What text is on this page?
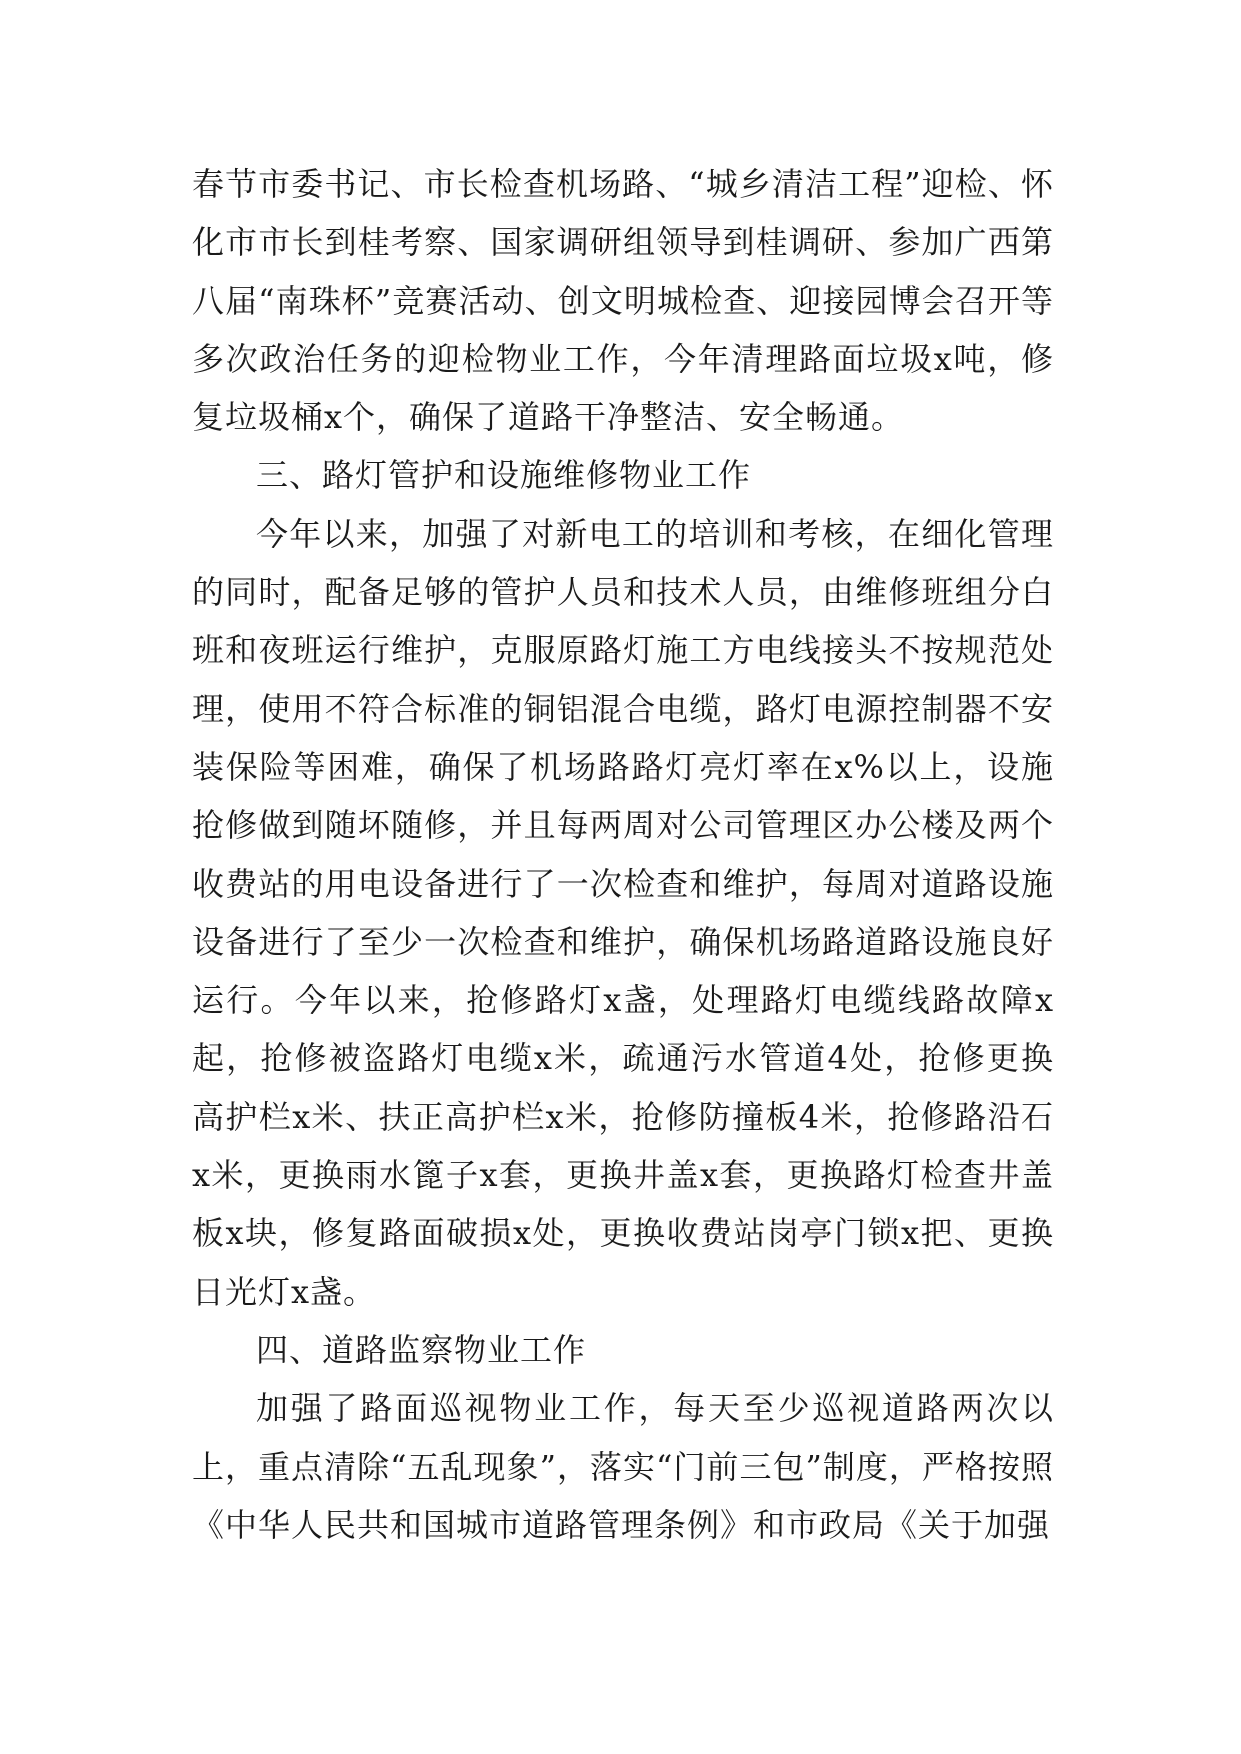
春节市委书记、市长检查机场路、“城乡清洁工程”迎检、怀化市市长到桂考察、国家调研组领导到桂调研、参加广西第八届“南珠杯”竞赛活动、创文明城检查、迎接园博会召开等多次政治任务的迎检物业工作，今年清理路面垃圾x吨，修复垃圾桶x个，确保了道路干净整洁、安全畅通。

三、路灯管护和设施维修物业工作

今年以来，加强了对新电工的培训和考核，在细化管理的同时，配备足够的管护人员和技术人员，由维修班组分白班和夜班运行维护，克服原路灯施工方电线接头不按规范处理，使用不符合标准的铜铝混合电缆，路灯电源控制器不安装保险等困难，确保了机场路路灯亮灯率在x%以上，设施抢修做到随坏随修，并且每两周对公司管理区办公楼及两个收费站的用电设备进行了一次检查和维护，每周对道路设施设备进行了至少一次检查和维护，确保机场路道路设施良好运行。今年以来，抢修路灯x盏，处理路灯电缆线路故障x起，抢修被盗路灯电缆x米，疏通污水管道4处，抢修更换高护栏x米、扶正高护栏x米，抢修防撞板4米，抢修路沿石x米，更换雨水篦子x套，更换井盖x套，更换路灯检查井盖板x块，修复路面破损x处，更换收费站岗亭门锁x把、更换日光灯x盏。

四、道路监察物业工作

加强了路面巡视物业工作，每天至少巡视道路两次以上，重点清除“五乱现象”，落实“门前三包”制度，严格按照《中华人民共和国城市道路管理条例》和市政局《关于加强
